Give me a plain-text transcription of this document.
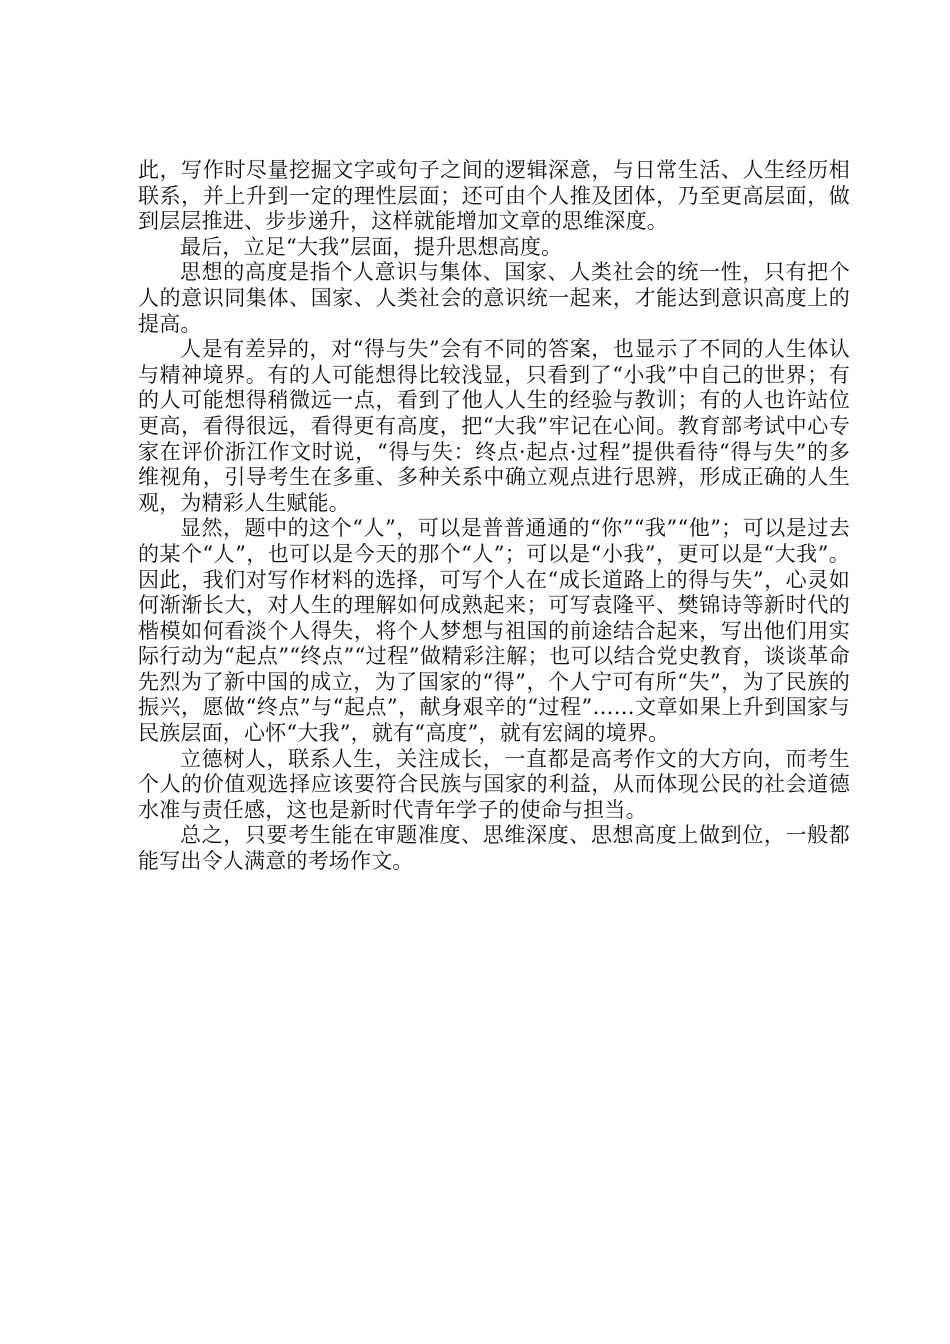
此，写作时尽量挖掘文字或句子之间的逻辑深意，与日常生活、人生经历相联系，并上升到一定的理性层面；还可由个人推及团体，乃至更高层面，做到层层推进、步步递升，这样就能增加文章的思维深度。

最后，立足“大我”层面，提升思想高度。

思想的高度是指个人意识与集体、国家、人类社会的统一性，只有把个人的意识同集体、国家、人类社会的意识统一起来，才能达到意识高度上的提高。

人是有差异的，对“得与失”会有不同的答案，也显示了不同的人生体认与精神境界。有的人可能想得比较浅显，只看到了“小我”中自己的世界；有的人可能想得稍微远一点，看到了他人人生的经验与教训；有的人也许站位更高，看得很远，看得更有高度，把“大我”牢记在心间。教育部考试中心专家在评价浙江作文时说，“得与失：终点·起点·过程”提供看待“得与失”的多维视角，引导考生在多重、多种关系中确立观点进行思辨，形成正确的人生观，为精彩人生赋能。

显然，题中的这个“人”，可以是普普通通的“你”“我”“他”；可以是过去的某个“人”，也可以是今天的那个“人”；可以是“小我”，更可以是“大我”。因此，我们对写作材料的选择，可写个人在“成长道路上的得与失”，心灵如何渐渐长大，对人生的理解如何成熟起来；可写袁隆平、樊锦诗等新时代的楷模如何看淡个人得失，将个人梦想与祖国的前途结合起来，写出他们用实际行动为“起点”“终点”“过程”做精彩注解；也可以结合党史教育，谈谈革命先烈为了新中国的成立，为了国家的“得”，个人宁可有所“失”，为了民族的振兴，愿做“终点”与“起点”，献身艰辛的“过程”……文章如果上升到国家与民族层面，心怀“大我”，就有“高度”，就有宏阔的境界。

立德树人，联系人生，关注成长，一直都是高考作文的大方向，而考生个人的价值观选择应该要符合民族与国家的利益，从而体现公民的社会道德水准与责任感，这也是新时代青年学子的使命与担当。

总之，只要考生能在审题准度、思维深度、思想高度上做到位，一般都能写出令人满意的考场作文。
